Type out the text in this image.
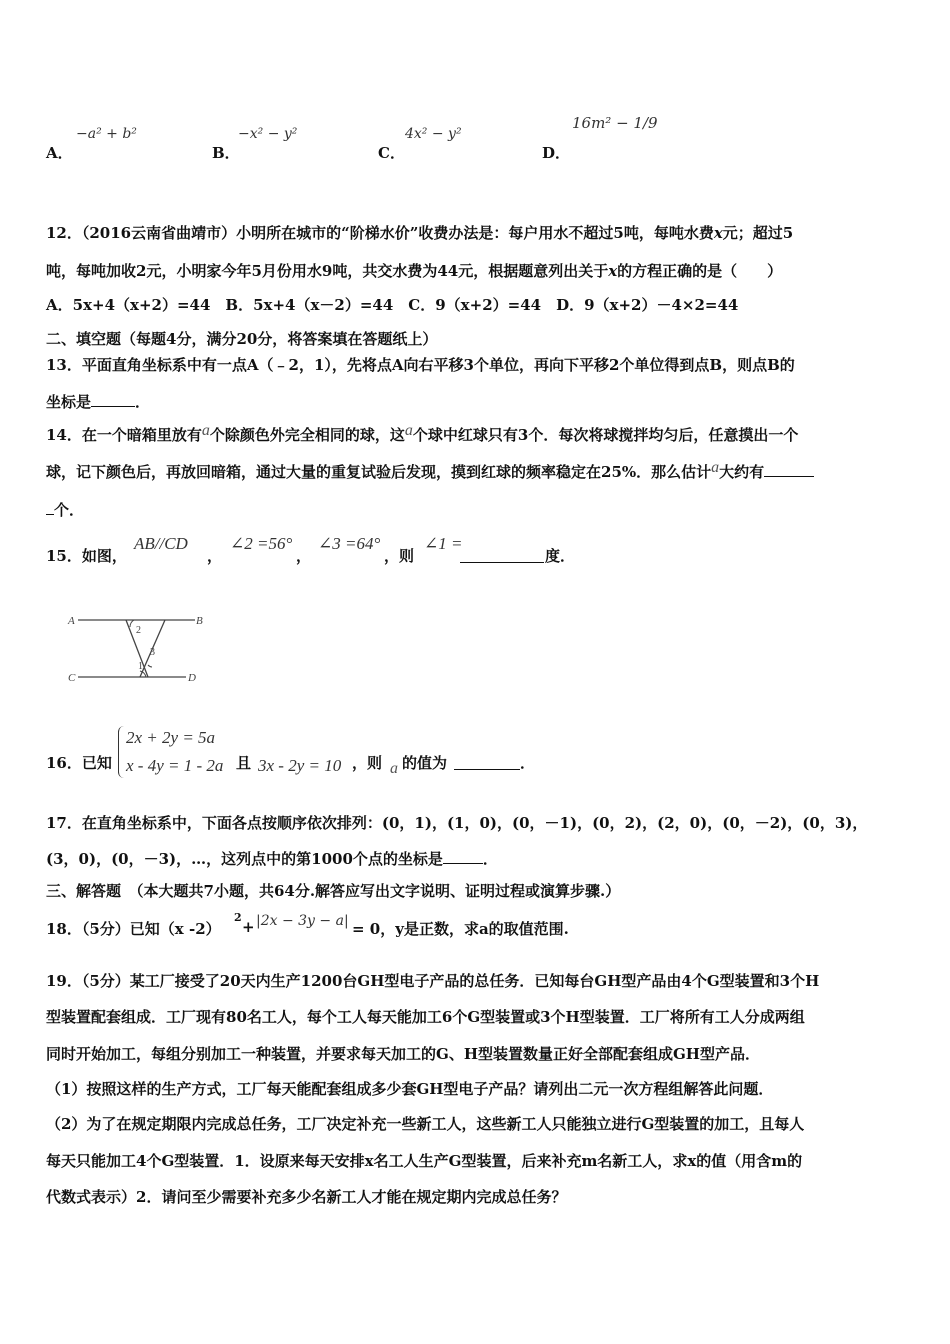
A．
−a² + b²
B．
−x² − y²
C．
4x² − y²
D．
16m² − 1/9
12．（2016云南省曲靖市）小明所在城市的“阶梯水价”收费办法是：每户用水不超过5吨，每吨水费x元；超过5
吨，每吨加收2元，小明家今年5月份用水9吨，共交水费为44元，根据题意列出关于x的方程正确的是（　　）
A．5x+4（x+2）=44　B．5x+4（x－2）=44　C．9（x+2）=44　D．9（x+2）－4×2=44
二、填空题（每题4分，满分20分，将答案填在答题纸上）
13．平面直角坐标系中有一点A（﹣2，1），先将点A向右平移3个单位，再向下平移2个单位得到点B，则点B的
坐标是	．
14．在一个暗箱里放有a个除颜色外完全相同的球，这a个球中红球只有3个．每次将球搅拌均匀后，任意摸出一个
球，记下颜色后，再放回暗箱，通过大量的重复试验后发现，摸到红球的频率稳定在25%．那么估计a大约有
个．
15．如图，
AB//CD
，
∠2 =56°
，
∠3 =64°
，则
∠1 =
度．
A	B
C	D
2
3
1
16．已知
2x + 2y = 5a
x - 4y = 1 - 2a 且 3x - 2y = 10 ，则 a 的值为	．
17．在直角坐标系中，下面各点按顺序依次排列：(0，1)，(1，0)，(0，－1)，(0，2)，(2，0)，(0，－2)，(0，3)，
(3，0)，(0，－3)，…，这列点中的第1000个点的坐标是	．
三、解答题　（本大题共7小题，共64分.解答应写出文字说明、证明过程或演算步骤.）
18．（5分）已知（x -2）
2
+ |2x − 3y − a| = 0，y是正数，求a的取值范围.
19．（5分）某工厂接受了20天内生产1200台GH型电子产品的总任务．已知每台GH型产品由4个G型装置和3个H
型装置配套组成．工厂现有80名工人，每个工人每天能加工6个G型装置或3个H型装置．工厂将所有工人分成两组
同时开始加工，每组分别加工一种装置，并要求每天加工的G、H型装置数量正好全部配套组成GH型产品．
（1）按照这样的生产方式，工厂每天能配套组成多少套GH型电子产品？请列出二元一次方程组解答此问题．
（2）为了在规定期限内完成总任务，工厂决定补充一些新工人，这些新工人只能独立进行G型装置的加工，且每人
每天只能加工4个G型装置．1．设原来每天安排x名工人生产G型装置，后来补充m名新工人，求x的值（用含m的
代数式表示）2．请问至少需要补充多少名新工人才能在规定期内完成总任务？
